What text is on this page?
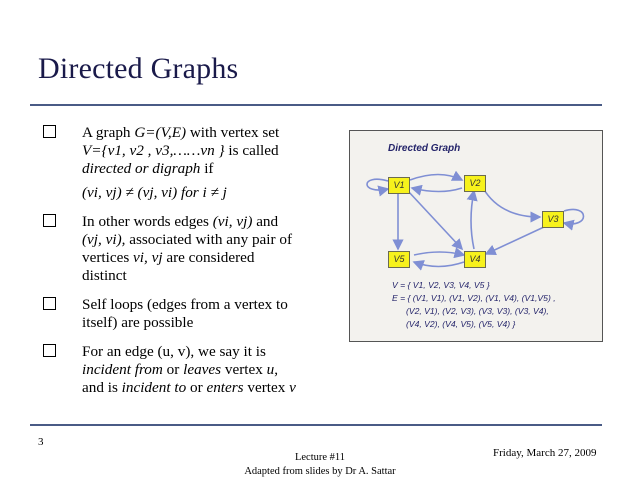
Directed Graphs
A graph G=(V,E) with vertex set
V={v1, v2 , v3,……vn } is called
directed or digraph if
(vi, vj) ≠ (vj, vi) for i ≠ j
In other words edges (vi, vj) and
(vj, vi), associated with any pair of
vertices vi, vj are considered
distinct
Self loops (edges from a vertex to
itself) are possible
For an edge (u, v), we say it is
incident from or leaves vertex u,
and is incident to or enters vertex v
Directed Graph
V1	V2
V3
V4
V5
V = { V1, V2, V3, V4, V5 }
E = { (V1, V1), (V1, V2), (V1, V4), (V1,V5) ,
(V2, V1), (V2, V3), (V3, V3), (V3, V4),
(V4, V2), (V4, V5), (V5, V4) }
3
Lecture #11
Adapted from slides by Dr A. Sattar
Friday, March 27, 2009
